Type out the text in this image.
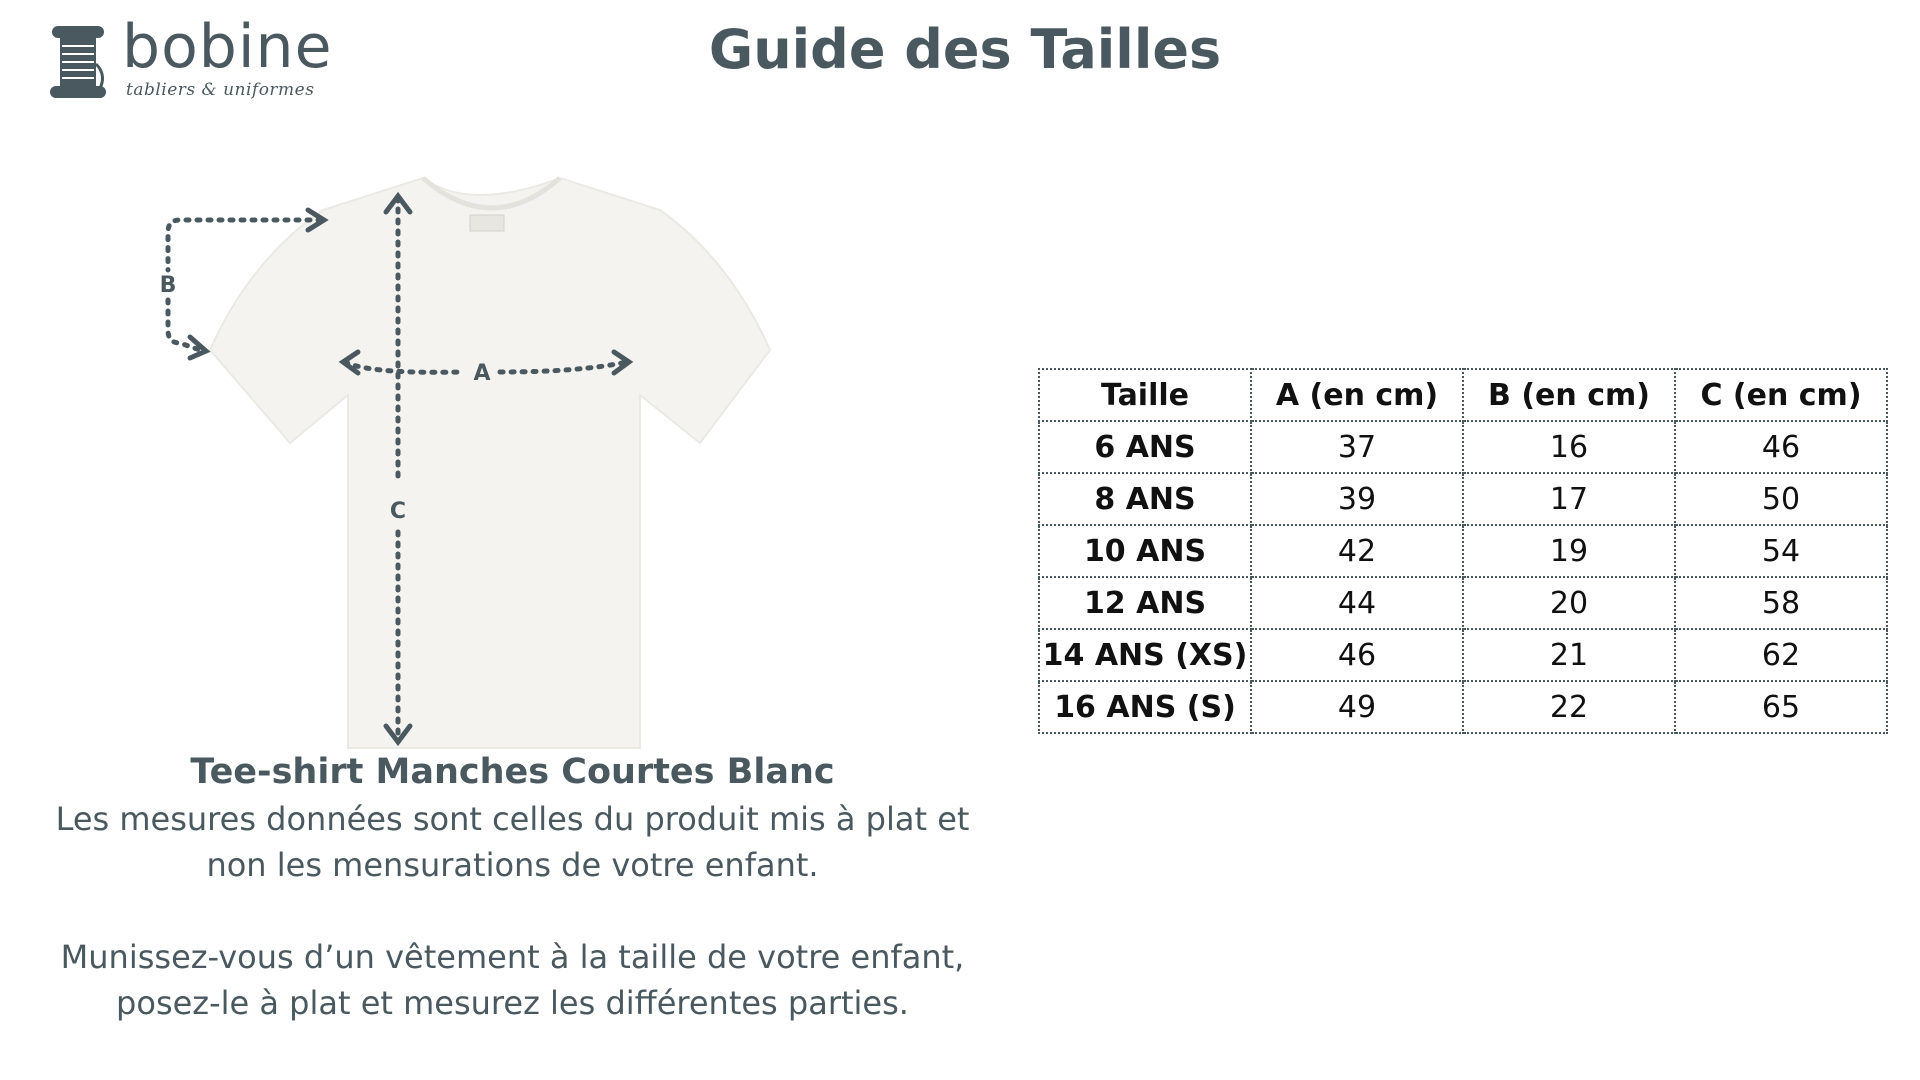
bobine
tabliers & uniformes
Guide des Tailles
C
A
B
Tee-shirt Manches Courtes Blanc

Les mesures données sont celles du produit mis à plat et
non les mensurations de votre enfant.

Munissez-vous d’un vêtement à la taille de votre enfant,
posez-le à plat et mesurez les différentes parties.

Taille	A (en cm)	B (en cm)	C (en cm)
6 ANS	37	16	46
8 ANS	39	17	50
10 ANS	42	19	54
12 ANS	44	20	58
14 ANS (XS)	46	21	62
16 ANS (S)	49	22	65
